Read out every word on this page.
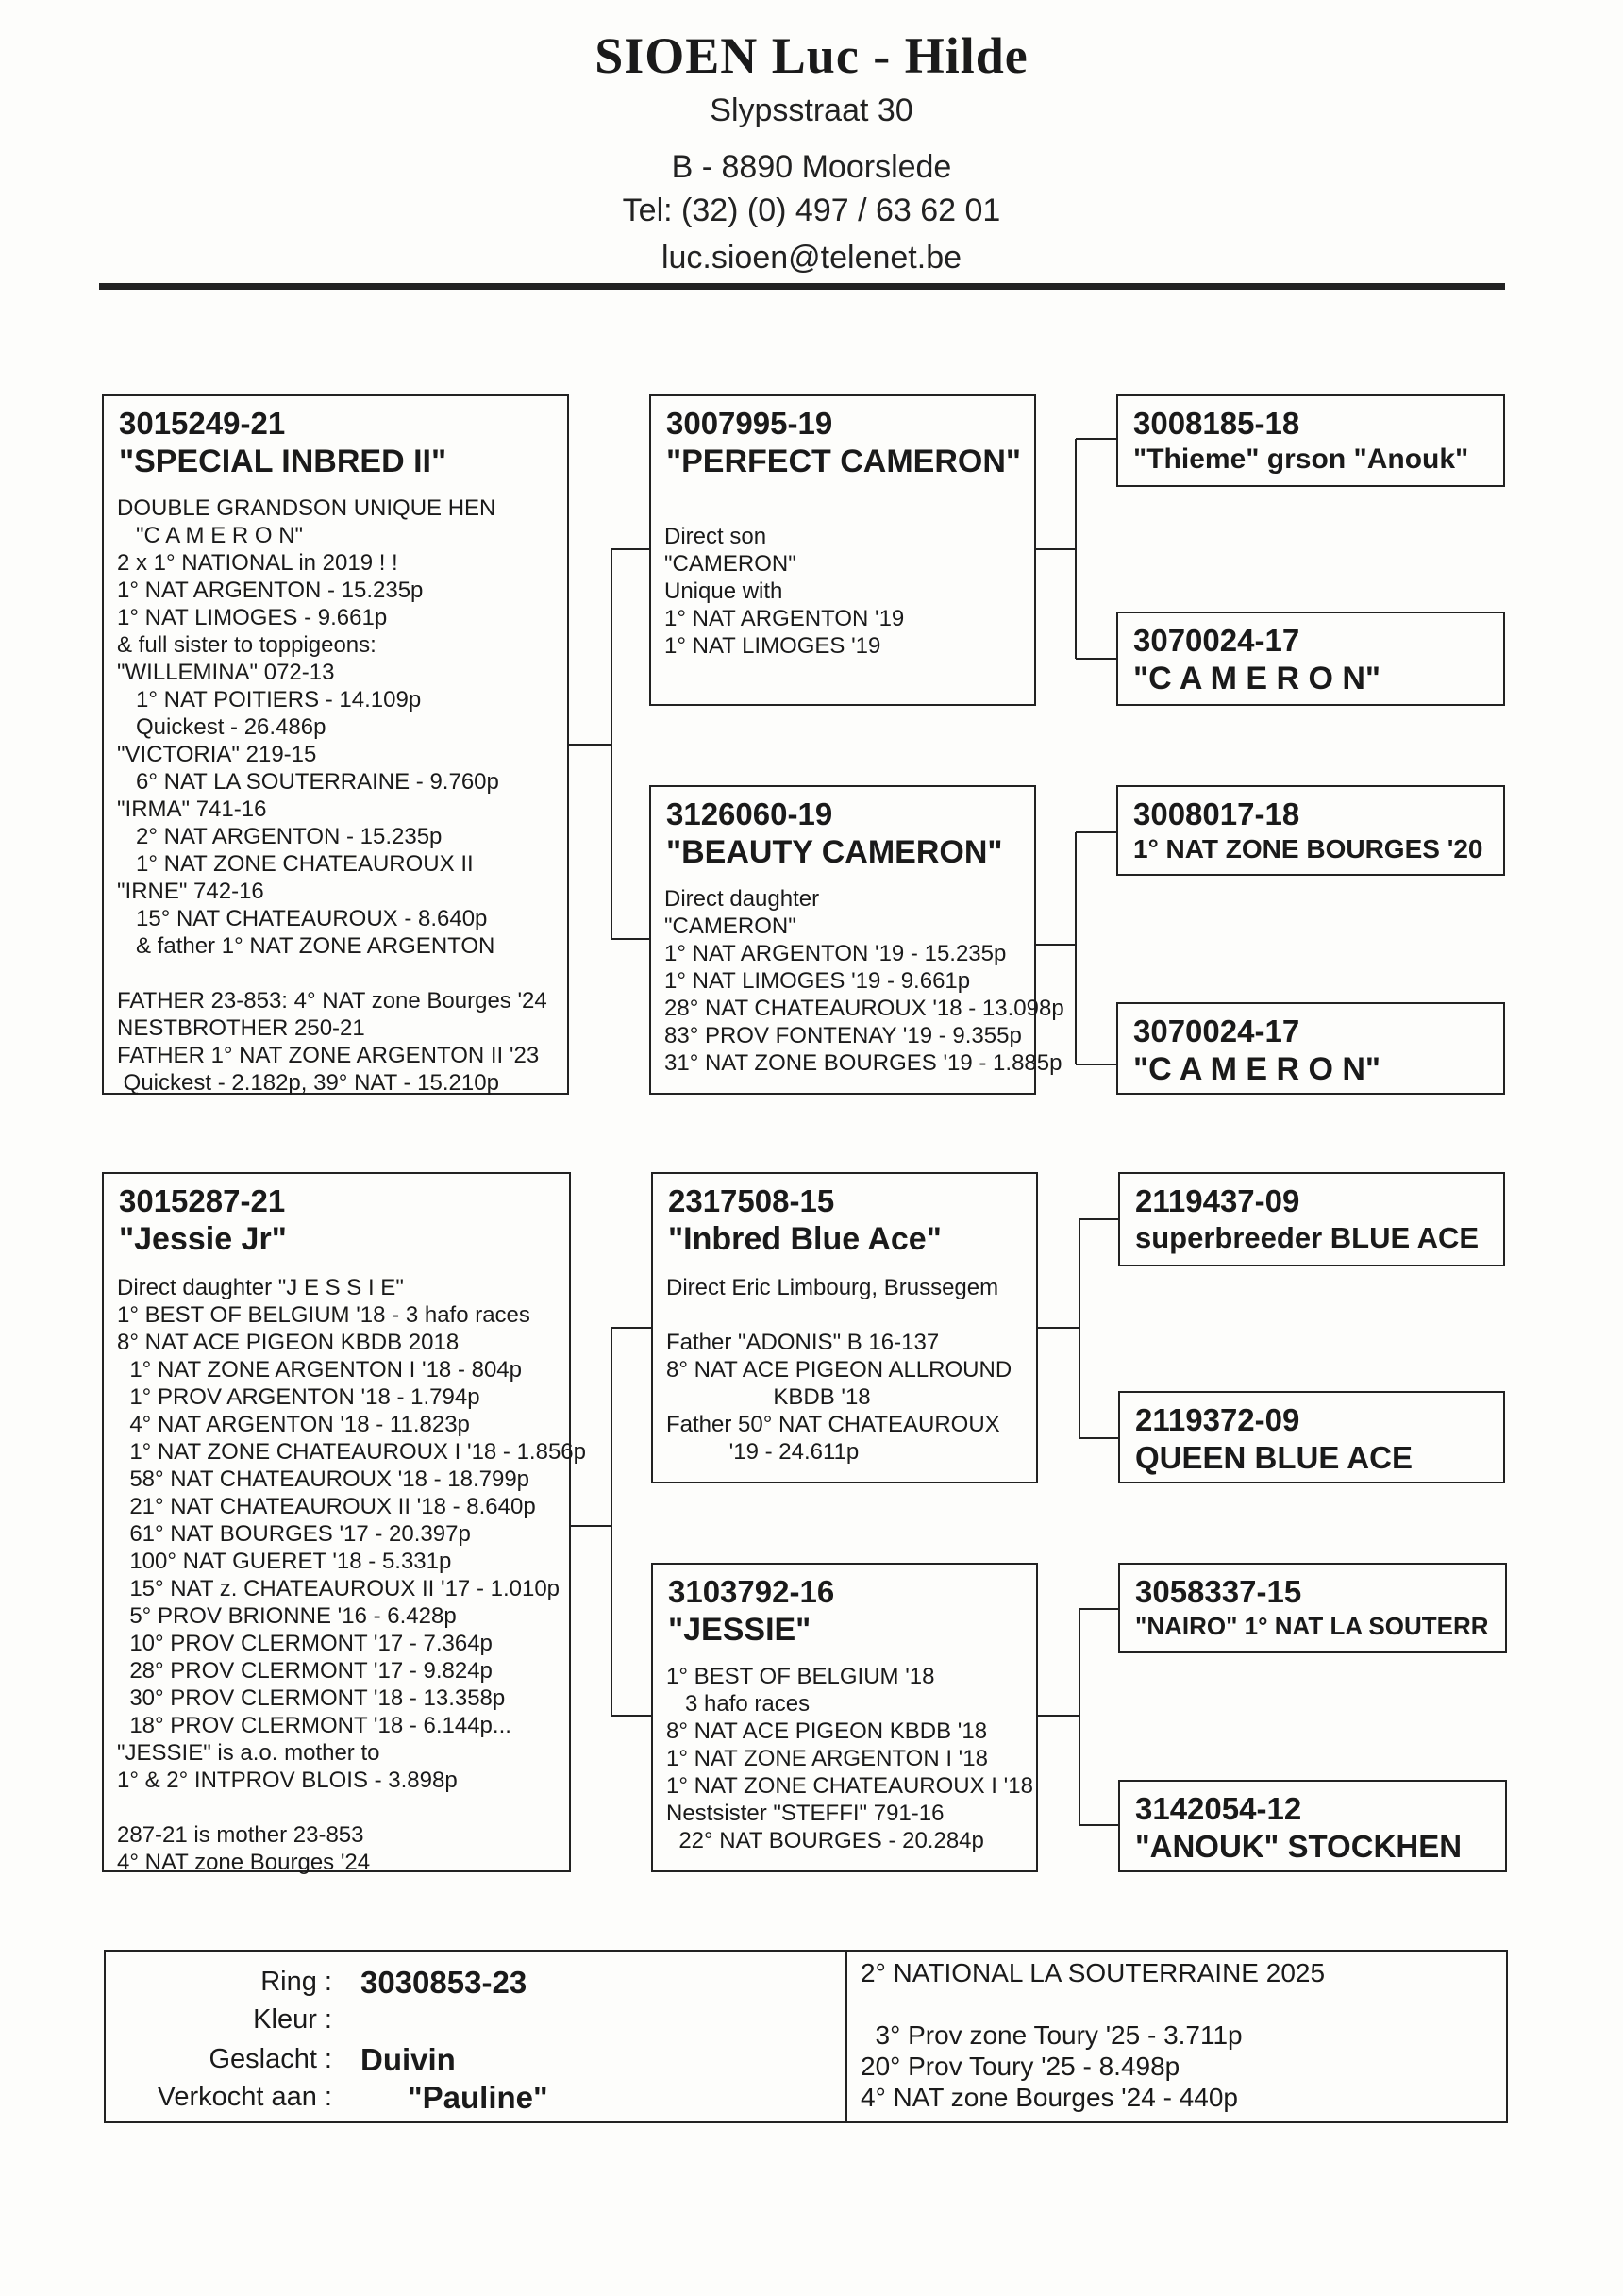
SIOEN Luc - Hilde
Slypsstraat 30
B - 8890 Moorslede
Tel: (32) (0) 497 / 63 62 01
luc.sioen@telenet.be
3015249-21
"SPECIAL INBRED II"
DOUBLE GRANDSON UNIQUE HEN
"C A M E R O N"
2 x 1° NATIONAL in 2019 ! !
1° NAT ARGENTON - 15.235p
1° NAT LIMOGES - 9.661p
& full sister to toppigeons:
"WILLEMINA" 072-13
1° NAT POITIERS - 14.109p
Quickest - 26.486p
"VICTORIA" 219-15
6° NAT LA SOUTERRAINE - 9.760p
"IRMA" 741-16
2° NAT ARGENTON - 15.235p
1° NAT ZONE CHATEAUROUX II
"IRNE" 742-16
15° NAT CHATEAUROUX - 8.640p
& father 1° NAT ZONE ARGENTON

FATHER 23-853: 4° NAT zone Bourges '24
NESTBROTHER 250-21
FATHER 1° NAT ZONE ARGENTON II '23
Quickest - 2.182p, 39° NAT - 15.210p
3007995-19
"PERFECT CAMERON"
Direct son
"CAMERON"
Unique with
1° NAT ARGENTON '19
1° NAT LIMOGES '19
3126060-19
"BEAUTY CAMERON"
Direct daughter
"CAMERON"
1° NAT ARGENTON '19 - 15.235p
1° NAT LIMOGES '19 - 9.661p
28° NAT CHATEAUROUX '18 - 13.098p
83° PROV FONTENAY '19 - 9.355p
31° NAT ZONE BOURGES '19 - 1.885p
3008185-18
"Thieme" grson "Anouk"
3070024-17
"C A M E R O N"
3008017-18
1° NAT ZONE BOURGES '20
3070024-17
"C A M E R O N"
3015287-21
"Jessie Jr"
Direct daughter "J E S S I E"
1° BEST OF BELGIUM '18 - 3 hafo races
8° NAT ACE PIGEON KBDB 2018
1° NAT ZONE ARGENTON I '18 - 804p
1° PROV ARGENTON '18 - 1.794p
4° NAT ARGENTON '18 - 11.823p
1° NAT ZONE CHATEAUROUX I '18 - 1.856p
58° NAT CHATEAUROUX '18 - 18.799p
21° NAT CHATEAUROUX II '18 - 8.640p
61° NAT BOURGES '17 - 20.397p
100° NAT GUERET '18 - 5.331p
15° NAT z. CHATEAUROUX II '17 - 1.010p
5° PROV BRIONNE '16 - 6.428p
10° PROV CLERMONT '17 - 7.364p
28° PROV CLERMONT '17 - 9.824p
30° PROV CLERMONT '18 - 13.358p
18° PROV CLERMONT '18 - 6.144p...
"JESSIE" is a.o. mother to
1° & 2° INTPROV BLOIS - 3.898p

287-21 is mother 23-853
4° NAT zone Bourges '24
2317508-15
"Inbred Blue Ace"
Direct Eric Limbourg, Brussegem

Father "ADONIS" B 16-137
8° NAT ACE PIGEON ALLROUND
KBDB '18
Father 50° NAT CHATEAUROUX
'19 - 24.611p
3103792-16
"JESSIE"
1° BEST OF BELGIUM '18
3 hafo races
8° NAT ACE PIGEON KBDB '18
1° NAT ZONE ARGENTON I '18
1° NAT ZONE CHATEAUROUX I '18
Nestsister "STEFFI" 791-16
22° NAT BOURGES - 20.284p
2119437-09
superbreeder BLUE ACE
2119372-09
QUEEN BLUE ACE
3058337-15
"NAIRO" 1° NAT LA SOUTERR
3142054-12
"ANOUK" STOCKHEN
Ring : 3030853-23
Kleur :
Geslacht : Duivin
Verkocht aan : "Pauline"
2° NATIONAL LA SOUTERRAINE 2025

3° Prov zone Toury '25 - 3.711p
20° Prov Toury '25 - 8.498p
4° NAT zone Bourges '24 - 440p
